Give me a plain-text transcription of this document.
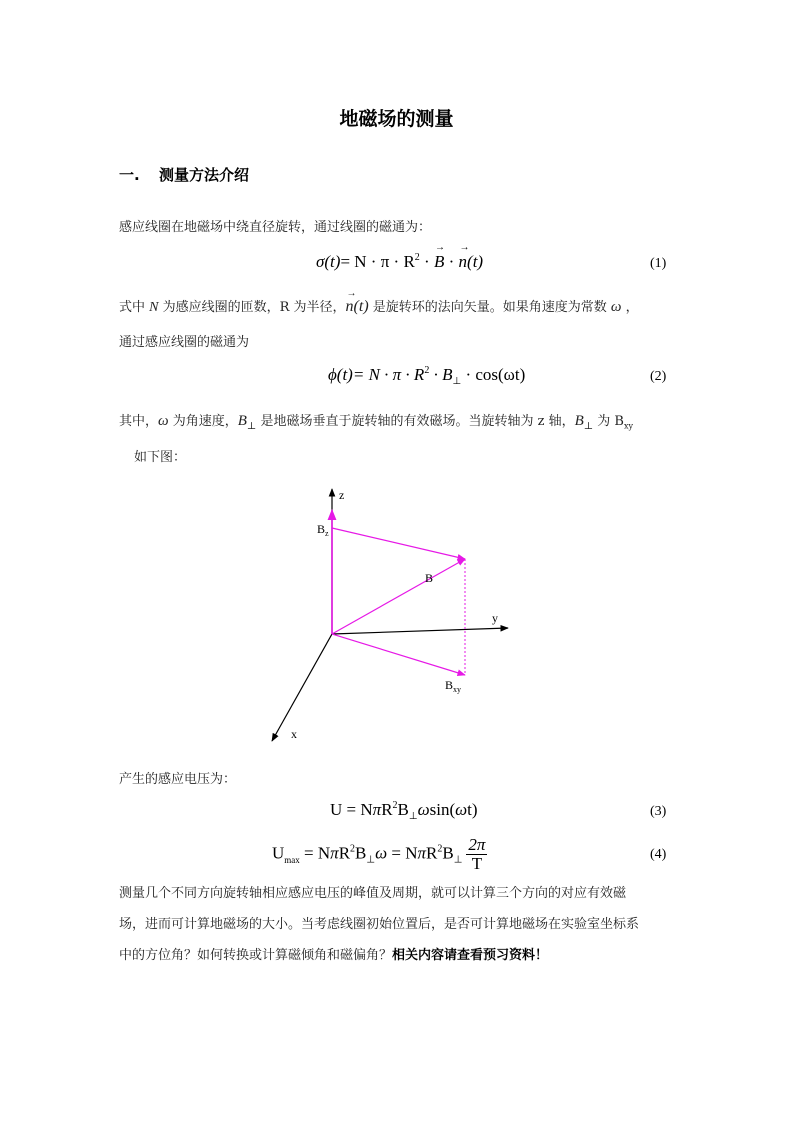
地磁场的测量
一. 测量方法介绍
感应线圈在地磁场中绕直径旋转，通过线圈的磁通为：
$\sigma(t)= N \cdot \pi \cdot R^2$ · → B · → n(t)	(1)
式中 N 为感应线圈的匝数，R 为半径，→ n(t) 是旋转环的法向矢量。如果角速度为常数 ω ，
通过感应线圈的磁通为
$\phi(t)= N \cdot \pi \cdot R^2 \cdot B_\perp \cdot \cos(\omega t)$	(2)
其中，ω 为角速度，$B_\perp$ 是地磁场垂直于旋转轴的有效磁场。当旋转轴为 z 轴，$B_\perp$ 为 $B_{xy}$
如下图：
z
y
x
B
$B_z$
$B_{xy}$
产生的感应电压为：
$U = N\pi R^2B_\perp\omega\sin(\omega t)$	(3)
$U_{max} = N\pi R^2B_\perp\omega = N\pi R^2B_\perp \frac{2\pi}{T}$	(4)
测量几个不同方向旋转轴相应感应电压的峰值及周期，就可以计算三个方向的对应有效磁
场，进而可计算地磁场的大小。当考虑线圈初始位置后，是否可计算地磁场在实验室坐标系
中的方位角？如何转换或计算磁倾角和磁偏角？相关内容请查看预习资料！
